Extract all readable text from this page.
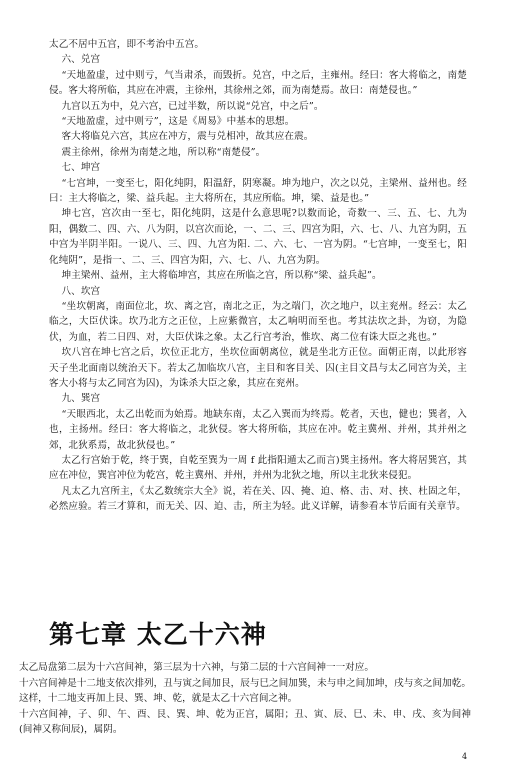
太乙不居中五宫，即不考治中五宫。

六、兑宫

“天地盈虚，过中则亏，气当肃杀，而毁折。兑宫，中之后，主雍州。经曰：客大将临之，南楚侵。客大将所临，其应在冲震，主徐州，其徐州之郊，而为南楚焉。故曰：南楚侵也。”

九宫以五为中，兑六宫，已过半数，所以说“兑宫，中之后”。

“天地盈虚，过中则亏”，这是《周易》中基本的思想。

客大将临兑六宫，其应在冲方，震与兑相冲，故其应在震。

震主徐州，徐州为南楚之地，所以称“南楚侵”。

七、坤宫

“七宫坤，一变至七，阳化纯阴，阳温舒，阴寒凝。坤为地户，次之以兑，主梁州、益州也。经曰：主大将临之，梁、益兵起。主大将所在，其应所临。坤，梁、益是也。”

坤七宫，宫次由一至七，阳化纯阴，这是什么意思呢?以数而论，奇数一、三、五、七、九为阳，偶数二、四、六、八为阴，以宫次而论，一、二、三、四宫为阳，六、七、八、九宫为阴，五中宫为半阴半阳。一说八、三、四、九宫为阳. 二、六、七、一宫为阴。“七宫坤，一变至七，阳化纯阴”，是指一、二、三、四宫为阳，六、七、八、九宫为阴。

坤主梁州、益州，主大将临坤宫，其应在所临之宫，所以称“梁、益兵起”。

八、坎宫

“坐坎朝离，南面位北，坎、离之宫，南北之正，为之端门，次之地户，以主兖州。经云：太乙临之，大臣伏诛。坎乃北方之正位，上应紫微宫，太乙响明而至也。考其法坎之卦，为窃，为隐伏，为血，若二日四、对，大臣伏诛之象。太乙行宫考治，惟坎、离二位有诛大臣之兆也。”

坎八宫在坤七宫之后，坎位正北方，坐坎位面朝离位，就是坐北方正位。面朝正南，以此形容天子坐北面南以统治天下。若太乙加临坎八宫，主目和客目关、囚(主目文昌与太乙同宫为关，主客大小将与太乙同宫为囚)，为诛杀大臣之象，其应在兖州。

九、巽宫

“天眼西北，太乙出乾而为始焉。地缺东南，太乙入巽而为终焉。乾者，天也，健也；巽者，入也，主扬州。经曰：客大将临之，北狄侵。客大将所临，其应在冲。乾主冀州、并州，其并州之郊，北狄系焉，故北狄侵也。”

太乙行宫始于乾，终于巽，自乾至巽为一周 f 此指阳遁太乙而言)巽主扬州。客大将居巽宫，其应在冲位，巽宫冲位为乾宫，乾主冀州、并州，并州为北狄之地，所以主北狄来侵犯。

凡太乙九宫所主，《太乙数统宗大全》说，若在关、囚、掩、迫、格、击、对、挟、杜固之年，必然应验。若三才算和，而无关、囚、迫、击，所主为轻。此义详解，请参看本节后面有关章节。

第七章 太乙十六神

太乙局盘第二层为十六宫间神，第三层为十六神，与第二层的十六宫间神一一对应。

十六宫间神是十二地支依次排列，丑与寅之间加艮，辰与巳之间加巽，未与申之间加坤，戌与亥之间加乾。这样，十二地支再加上艮、巽、坤、乾，就是太乙十六宫间之神。

十六宫间神，子、卯、午、酉、艮、巽、坤、乾为正宫，属阳；丑、寅、辰、巳、未、申、戌、亥为间神(间神又称间辰)，属阴。

4
